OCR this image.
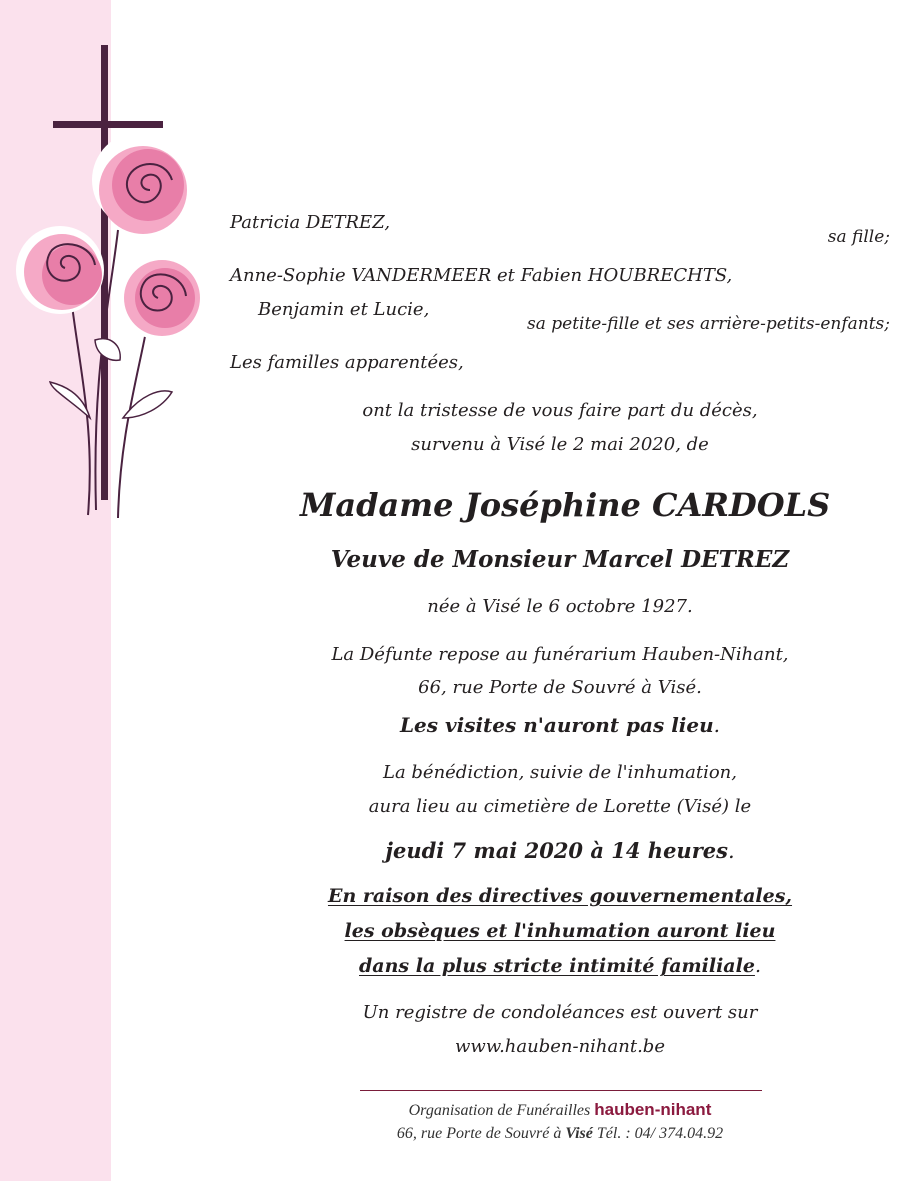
Patricia DETREZ,

sa fille;

Anne-Sophie VANDERMEER et Fabien HOUBRECHTS,

Benjamin et Lucie,

sa petite-fille et ses arrière-petits-enfants;

Les familles apparentées,

ont la tristesse de vous faire part du décès,

survenu à Visé le 2 mai 2020, de

Madame Joséphine CARDOLS

Veuve de Monsieur Marcel DETREZ

née à Visé le 6 octobre 1927.

La Défunte repose au funérarium Hauben-Nihant,

66, rue Porte de Souvré à Visé.

Les visites n'auront pas lieu.

La bénédiction, suivie de l'inhumation,

aura lieu au cimetière de Lorette (Visé) le

jeudi 7 mai 2020 à 14 heures.

En raison des directives gouvernementales,

les obsèques et l'inhumation auront lieu

dans la plus stricte intimité familiale.

Un registre de condoléances est ouvert sur

www.hauben-nihant.be

Organisation de Funérailles hauben-nihant

66, rue Porte de Souvré à Visé Tél. : 04/ 374.04.92
